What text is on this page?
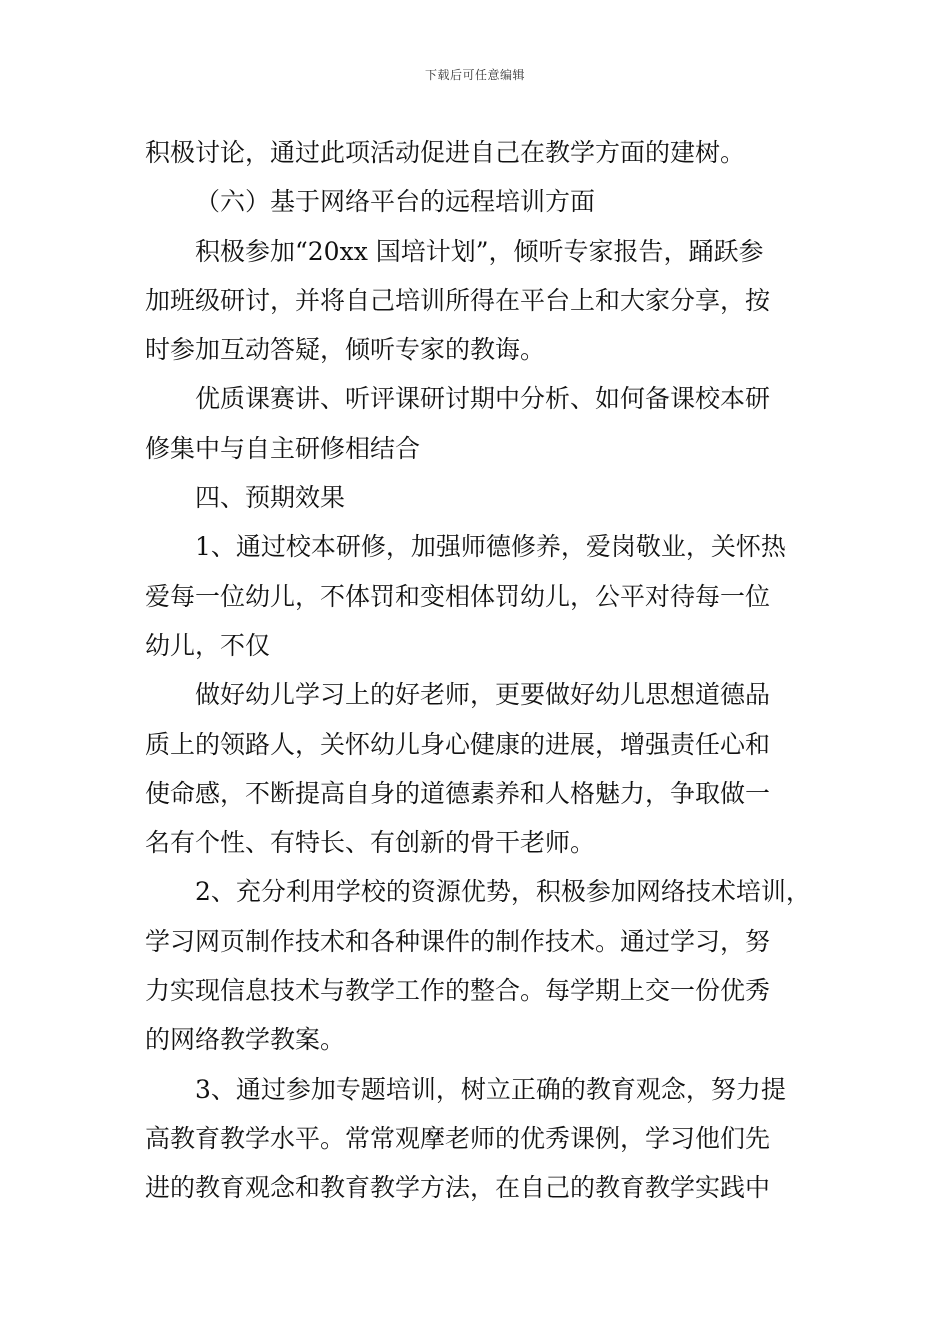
下载后可任意编辑
积极讨论，通过此项活动促进自己在教学方面的建树。
（六）基于网络平台的远程培训方面
积极参加“20xx 国培计划”，倾听专家报告，踊跃参
加班级研讨，并将自己培训所得在平台上和大家分享，按
时参加互动答疑，倾听专家的教诲。
优质课赛讲、听评课研讨期中分析、如何备课校本研
修集中与自主研修相结合
四、预期效果
1、通过校本研修，加强师德修养，爱岗敬业，关怀热
爱每一位幼儿，不体罚和变相体罚幼儿，公平对待每一位
幼儿，不仅
做好幼儿学习上的好老师，更要做好幼儿思想道德品
质上的领路人，关怀幼儿身心健康的进展，增强责任心和
使命感，不断提高自身的道德素养和人格魅力，争取做一
名有个性、有特长、有创新的骨干老师。
2、充分利用学校的资源优势，积极参加网络技术培训，
学习网页制作技术和各种课件的制作技术。通过学习，努
力实现信息技术与教学工作的整合。每学期上交一份优秀
的网络教学教案。
3、通过参加专题培训，树立正确的教育观念，努力提
高教育教学水平。常常观摩老师的优秀课例，学习他们先
进的教育观念和教育教学方法，在自己的教育教学实践中
